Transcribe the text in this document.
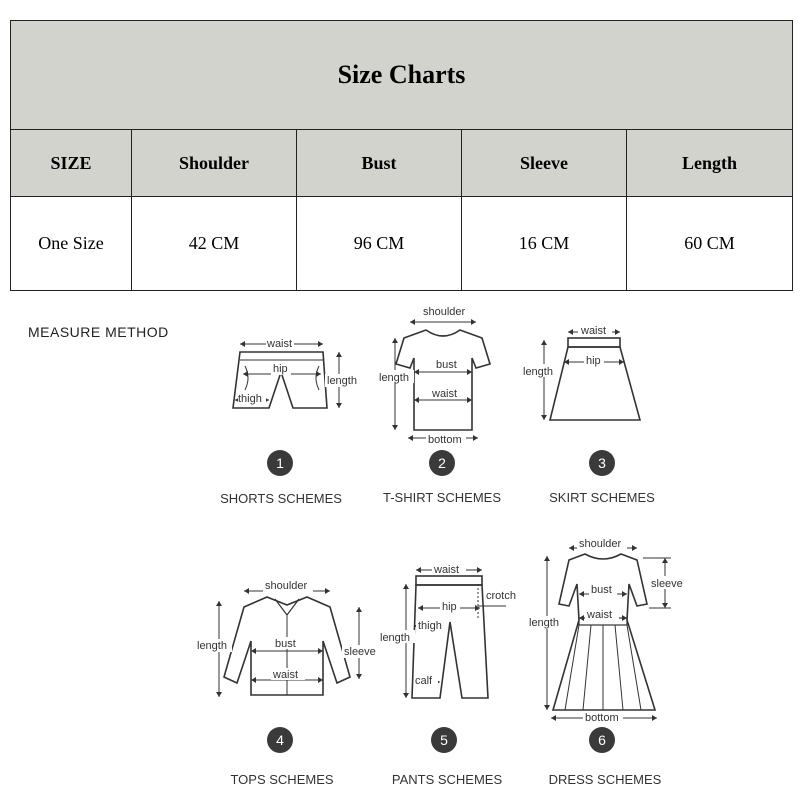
Size Charts				
SIZE	Shoulder	Bust	Sleeve	Length
One Size	42 CM	96 CM	16 CM	60 CM
MEASURE METHOD
waist
hip
thigh
length
1
SHORTS SCHEMES
shoulder
bust
waist
bottom
length
2
T-SHIRT SCHEMES
waist
hip
length
3
SKIRT SCHEMES
shoulder
bust
waist
length	sleeve
4
TOPS SCHEMES
waist
hip
thigh
calf
length
crotch
5
PANTS SCHEMES
shoulder
bust
waist
bottom
length
sleeve
6
DRESS SCHEMES
